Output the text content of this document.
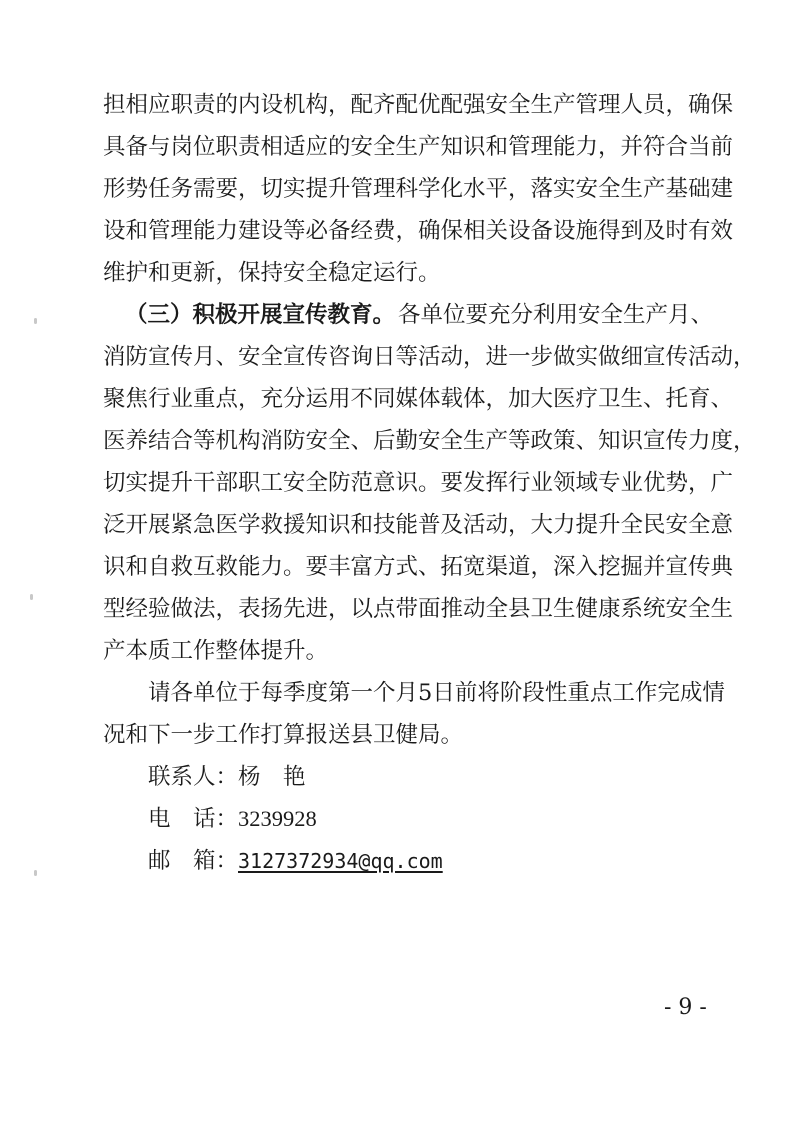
担相应职责的内设机构，配齐配优配强安全生产管理人员，确保
具备与岗位职责相适应的安全生产知识和管理能力，并符合当前
形势任务需要，切实提升管理科学化水平，落实安全生产基础建
设和管理能力建设等必备经费，确保相关设备设施得到及时有效
维护和更新，保持安全稳定运行。
（三）积极开展宣传教育。 各单位要充分利用安全生产月、
消防宣传月、安全宣传咨询日等活动，进一步做实做细宣传活动，
聚焦行业重点，充分运用不同媒体载体，加大医疗卫生、托育、
医养结合等机构消防安全、后勤安全生产等政策、知识宣传力度，
切实提升干部职工安全防范意识。要发挥行业领域专业优势，广
泛开展紧急医学救援知识和技能普及活动，大力提升全民安全意
识和自救互救能力。要丰富方式、拓宽渠道，深入挖掘并宣传典
型经验做法，表扬先进，以点带面推动全县卫生健康系统安全生
产本质工作整体提升。
请各单位于每季度第一个月5日前将阶段性重点工作完成情
况和下一步工作打算报送县卫健局。
联系人： 杨　艳
电　话： 3239928
邮　箱： 3127372934@qq.com
- 9 -
